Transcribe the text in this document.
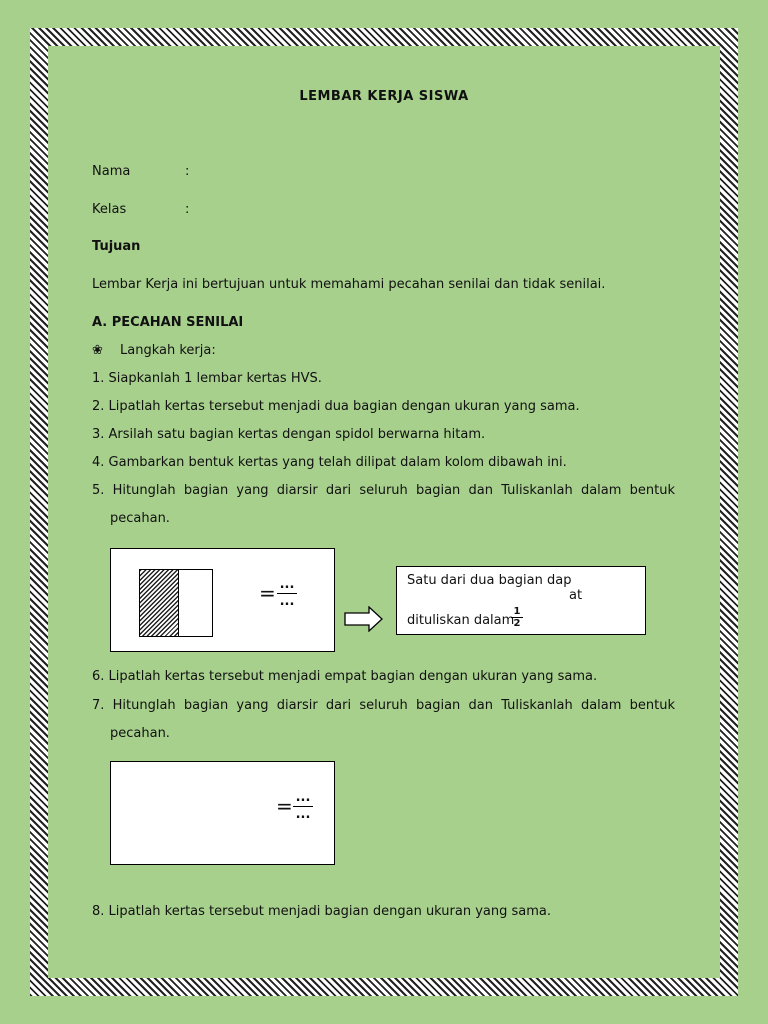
LEMBAR KERJA SISWA
Nama	:
Kelas	:
Tujuan
Lembar Kerja ini bertujuan untuk memahami pecahan senilai dan tidak senilai.
A. PECAHAN SENILAI
❀ Langkah kerja:
1. Siapkanlah 1 lembar kertas HVS.
2. Lipatlah kertas tersebut menjadi dua bagian dengan ukuran yang sama.
3. Arsilah satu bagian kertas dengan spidol berwarna hitam.
4. Gambarkan bentuk kertas yang telah dilipat dalam kolom dibawah ini.
5. Hitunglah bagian yang diarsir dari seluruh bagian dan Tuliskanlah dalam bentuk
pecahan.
= ...
...
Satu dari dua bagian dap
at
dituliskan dalam
1
2
6. Lipatlah kertas tersebut menjadi empat bagian dengan ukuran yang sama.
7. Hitunglah bagian yang diarsir dari seluruh bagian dan Tuliskanlah dalam bentuk
pecahan.
= ...
...
8. Lipatlah kertas tersebut menjadi bagian dengan ukuran yang sama.
